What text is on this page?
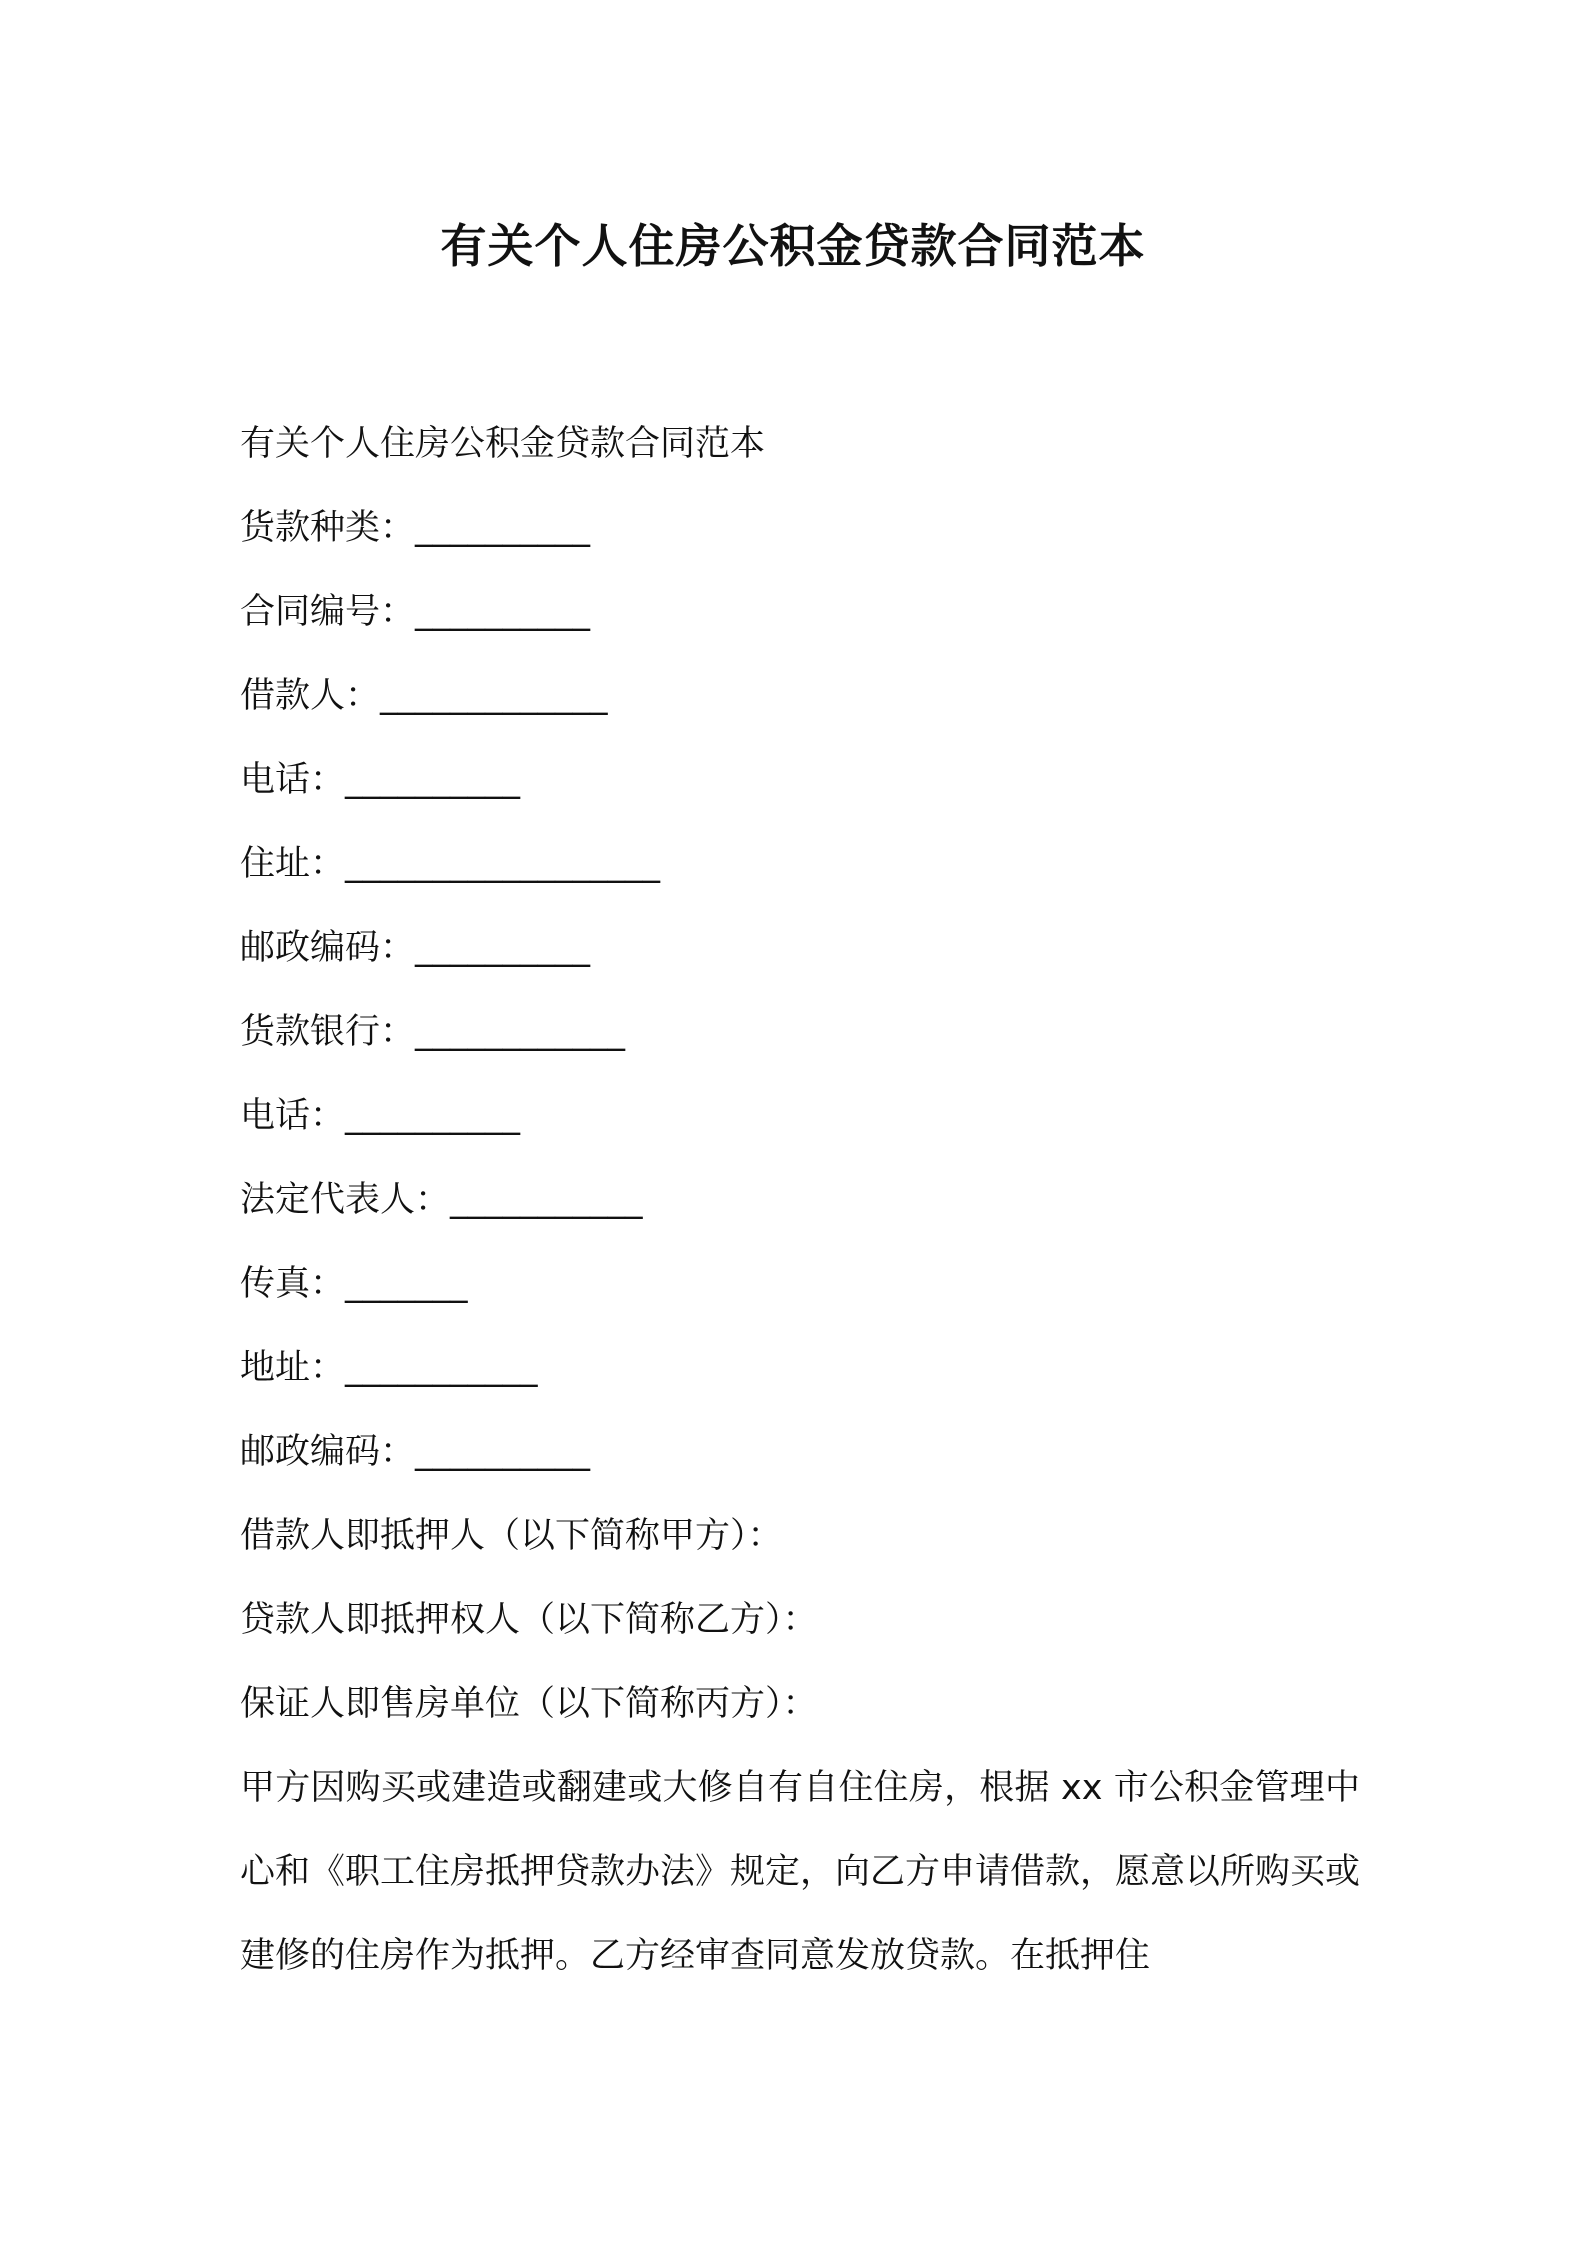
有关个人住房公积金贷款合同范本

有关个人住房公积金贷款合同范本

货款种类：__________

合同编号：__________

借款人：_____________

电话：__________

住址：__________________

邮政编码：__________

货款银行：____________

电话：__________

法定代表人：___________

传真：_______

地址：___________

邮政编码：__________

借款人即抵押人（以下简称甲方）：

贷款人即抵押权人（以下简称乙方）：

保证人即售房单位（以下简称丙方）：

甲方因购买或建造或翻建或大修自有自住住房，根据 xx 市公积金管理中心和《职工住房抵押贷款办法》规定，向乙方申请借款，愿意以所购买或建修的住房作为抵押。乙方经审查同意发放贷款。在抵押住
